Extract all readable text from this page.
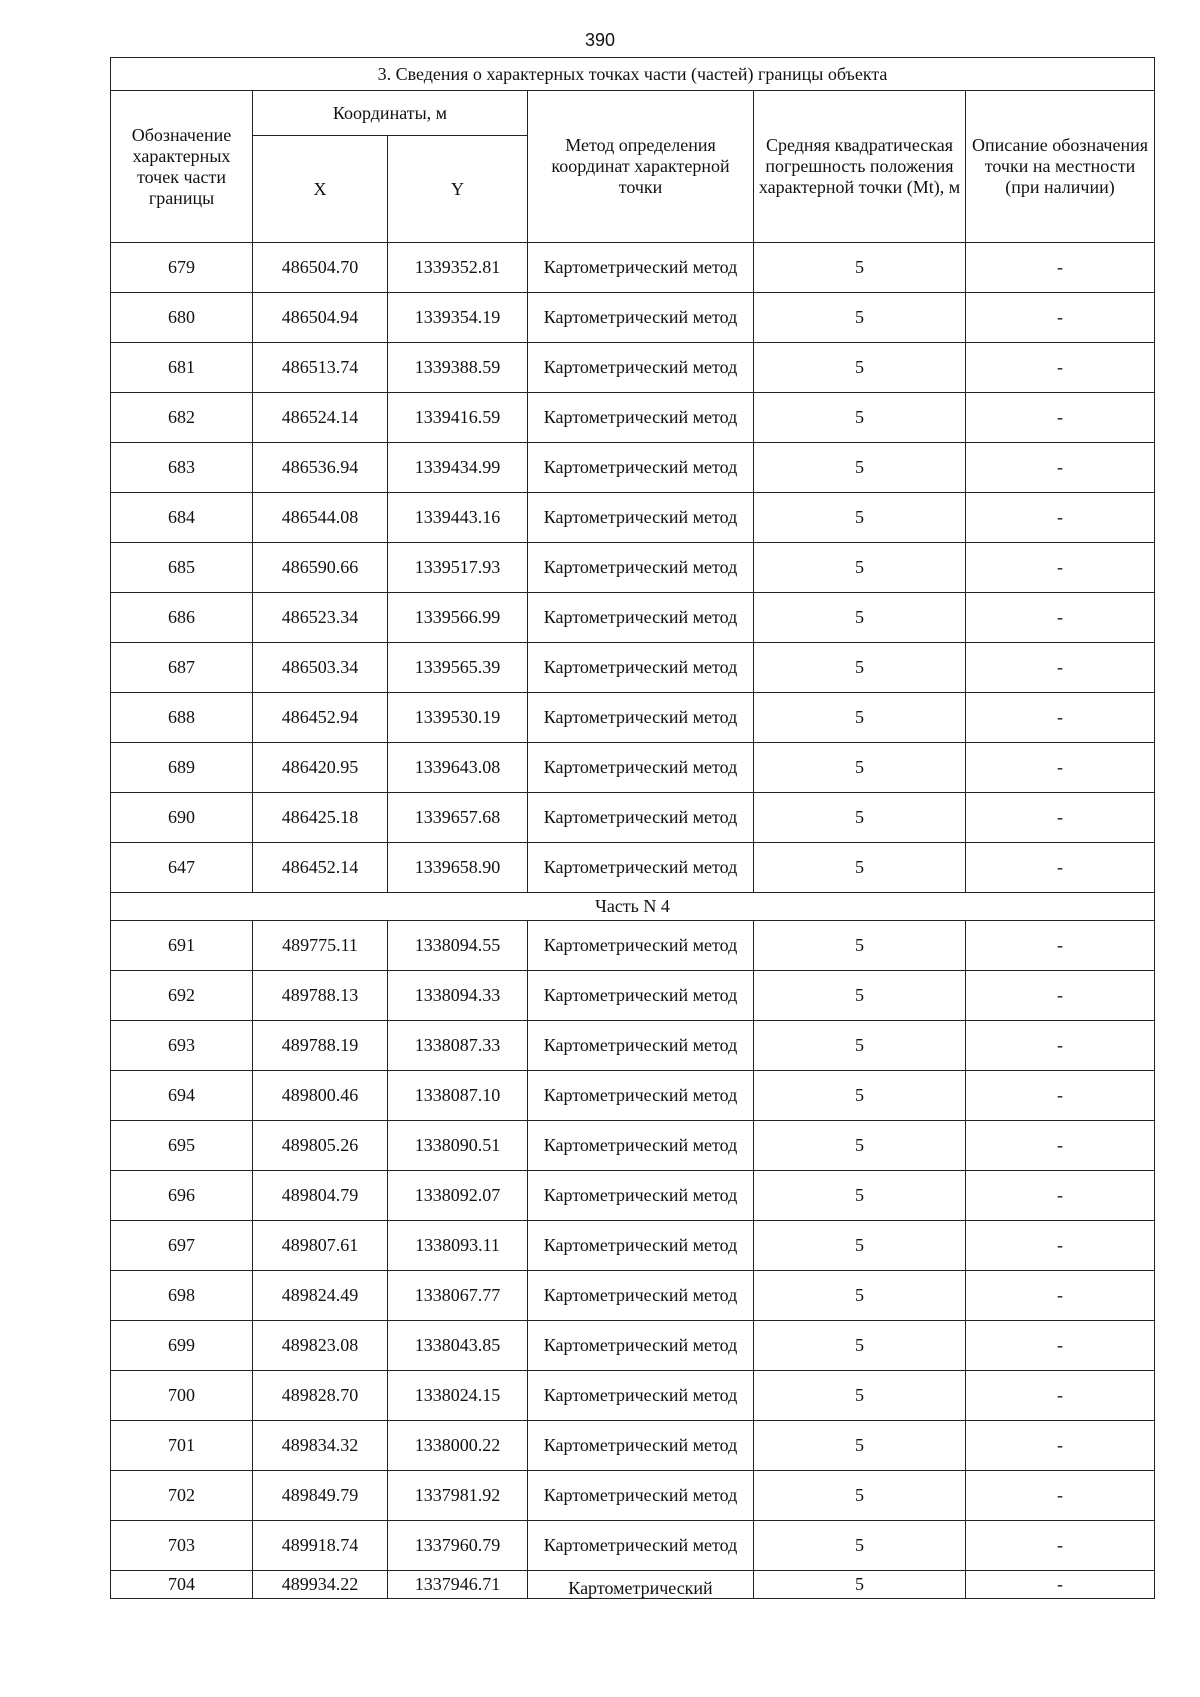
390
3. Сведения о характерных точках части (частей) границы объекта					
Обозначение характерных точек части границы	Координаты, м		Метод определения координат характерной точки	Средняя квадратическая погрешность положения характерной точки (Mt), м	Описание обозначения точки на местности (при наличии)
	X	Y			
679	486504.70	1339352.81	Картометрический метод	5	-
680	486504.94	1339354.19	Картометрический метод	5	-
681	486513.74	1339388.59	Картометрический метод	5	-
682	486524.14	1339416.59	Картометрический метод	5	-
683	486536.94	1339434.99	Картометрический метод	5	-
684	486544.08	1339443.16	Картометрический метод	5	-
685	486590.66	1339517.93	Картометрический метод	5	-
686	486523.34	1339566.99	Картометрический метод	5	-
687	486503.34	1339565.39	Картометрический метод	5	-
688	486452.94	1339530.19	Картометрический метод	5	-
689	486420.95	1339643.08	Картометрический метод	5	-
690	486425.18	1339657.68	Картометрический метод	5	-
647	486452.14	1339658.90	Картометрический метод	5	-
Часть N 4					
691	489775.11	1338094.55	Картометрический метод	5	-
692	489788.13	1338094.33	Картометрический метод	5	-
693	489788.19	1338087.33	Картометрический метод	5	-
694	489800.46	1338087.10	Картометрический метод	5	-
695	489805.26	1338090.51	Картометрический метод	5	-
696	489804.79	1338092.07	Картометрический метод	5	-
697	489807.61	1338093.11	Картометрический метод	5	-
698	489824.49	1338067.77	Картометрический метод	5	-
699	489823.08	1338043.85	Картометрический метод	5	-
700	489828.70	1338024.15	Картометрический метод	5	-
701	489834.32	1338000.22	Картометрический метод	5	-
702	489849.79	1337981.92	Картометрический метод	5	-
703	489918.74	1337960.79	Картометрический метод	5	-
704	489934.22	1337946.71	Картометрический	5	-
